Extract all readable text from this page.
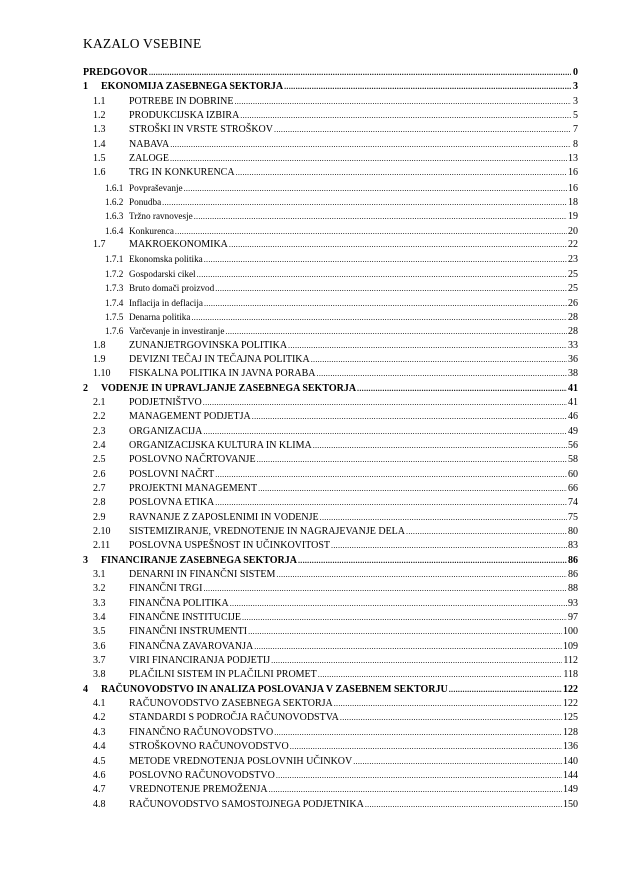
KAZALO VSEBINE
PREDGOVOR .....	0
1	EKONOMIJA ZASEBNEGA SEKTORJA .....	3
1.1	POTREBE IN DOBRINE .....	3
1.2	PRODUKCIJSKA IZBIRA .....	5
1.3	STROŠKI IN VRSTE STROŠKOV .....	7
1.4	NABAVA .....	8
1.5	ZALOGE .....	13
1.6	TRG IN KONKURENCA .....	16
1.6.1 Povpraševanje .....	16
1.6.2 Ponudba .....	18
1.6.3 Tržno ravnovesje .....	19
1.6.4 Konkurenca .....	20
1.7	MAKROEKONOMIKA .....	22
1.7.1 Ekonomska politika .....	23
1.7.2 Gospodarski cikel .....	25
1.7.3 Bruto domači proizvod .....	25
1.7.4 Inflacija in deflacija .....	26
1.7.5 Denarna politika .....	28
1.7.6 Varčevanje in investiranje .....	28
1.8	ZUNANJETRGOVINSKA POLITIKA .....	33
1.9	DEVIZNI TEČAJ IN TEČAJNA POLITIKA .....	36
1.10	FISKALNA POLITIKA IN JAVNA PORABA .....	38
2	VODENJE IN UPRAVLJANJE ZASEBNEGA SEKTORJA .....	41
2.1	PODJETNIŠTVO .....	41
2.2	MANAGEMENT PODJETJA .....	46
2.3	ORGANIZACIJA .....	49
2.4	ORGANIZACIJSKA KULTURA IN KLIMA .....	56
2.5	POSLOVNO NAČRTOVANJE .....	58
2.6	POSLOVNI NAČRT .....	60
2.7	PROJEKTNI MANAGEMENT .....	66
2.8	POSLOVNA ETIKA .....	74
2.9	RAVNANJE Z ZAPOSLENIMI IN VODENJE .....	75
2.10	SISTEMIZIRANJE, VREDNOTENJE IN NAGRAJEVANJE DELA .....	80
2.11	POSLOVNA USPEŠNOST IN UČINKOVITOST .....	83
3	FINANCIRANJE ZASEBNEGA SEKTORJA .....	86
3.1	DENARNI IN FINANČNI SISTEM .....	86
3.2	FINANČNI TRGI .....	88
3.3	FINANČNA POLITIKA .....	93
3.4	FINANČNE INSTITUCIJE .....	97
3.5	FINANČNI INSTRUMENTI .....	100
3.6	FINANČNA ZAVAROVANJA .....	109
3.7	VIRI FINANCIRANJA PODJETIJ .....	112
3.8	PLAČILNI SISTEM IN PLAČILNI PROMET .....	118
4	RAČUNOVODSTVO IN ANALIZA POSLOVANJA V ZASEBNEM SEKTORJU .....	122
4.1	RAČUNOVODSTVO ZASEBNEGA SEKTORJA .....	122
4.2	STANDARDI S PODROČJA RAČUNOVODSTVA .....	125
4.3	FINANČNO RAČUNOVODSTVO .....	128
4.4	STROŠKOVNO RAČUNOVODSTVO .....	136
4.5	METODE VREDNOTENJA POSLOVNIH UČINKOV .....	140
4.6	POSLOVNO RAČUNOVODSTVO .....	144
4.7	VREDNOTENJE PREMOŽENJA .....	149
4.8	RAČUNOVODSTVO SAMOSTOJNEGA PODJETNIKA .....	150
